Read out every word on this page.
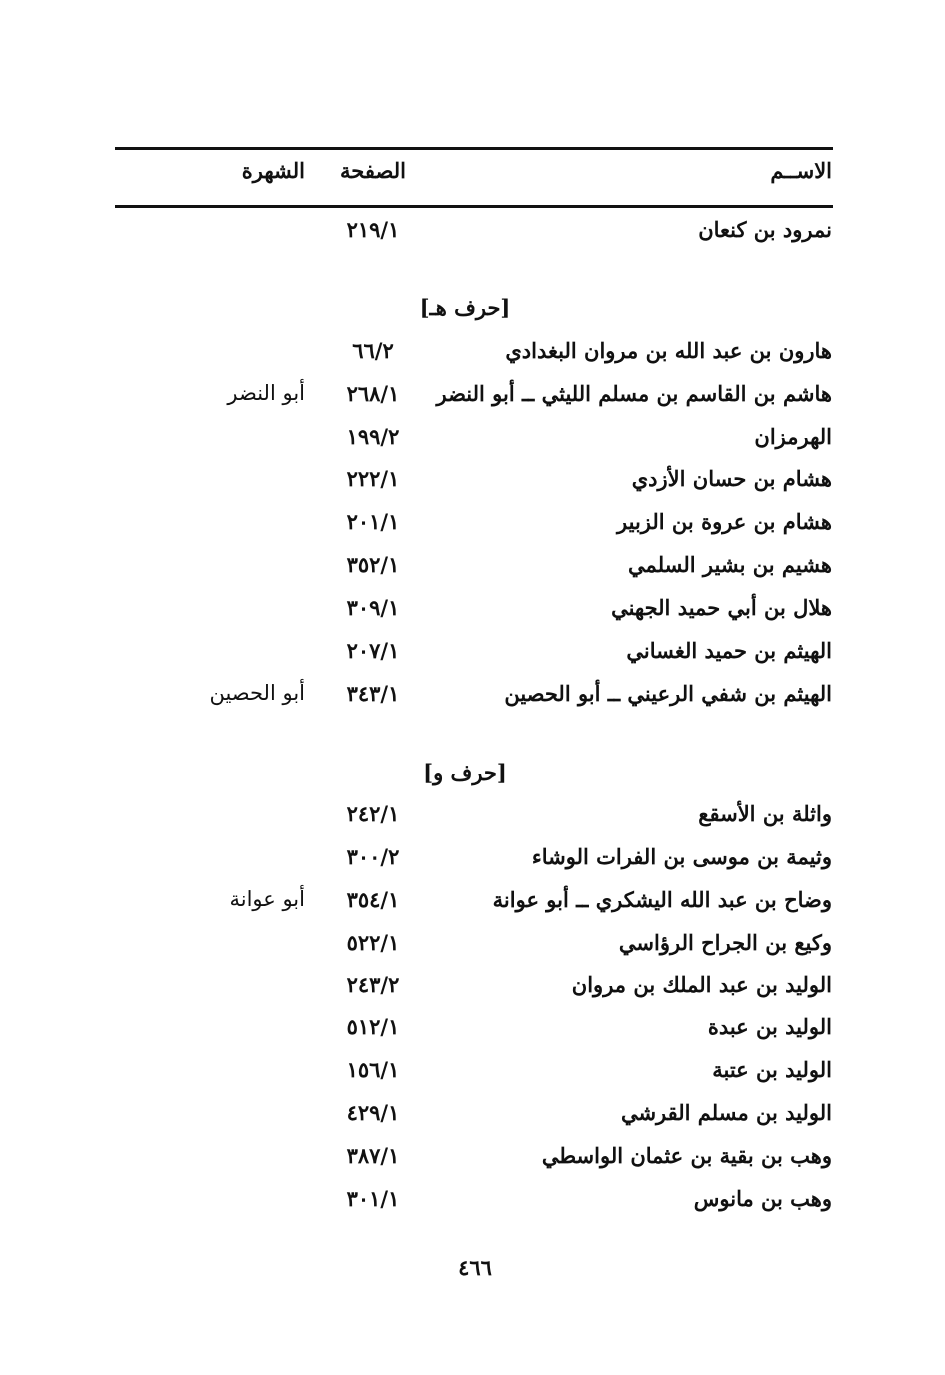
الاســم
الصفحة
الشهرة
نمرود بن كنعان
٢١٩/١
[حرف هـ]
هارون بن عبد الله بن مروان البغدادي
٦٦/٢
هاشم بن القاسم بن مسلم الليثي ــ أبو النضر
٢٦٨/١
أبو النضر
الهرمزان
١٩٩/٢
هشام بن حسان الأزدي
٢٢٢/١
هشام بن عروة بن الزبير
٢٠١/١
هشيم بن بشير السلمي
٣٥٢/١
هلال بن أبي حميد الجهني
٣٠٩/١
الهيثم بن حميد الغساني
٢٠٧/١
الهيثم بن شفي الرعيني ــ أبو الحصين
٣٤٣/١
أبو الحصين
[حرف و]
واثلة بن الأسقع
٢٤٢/١
وثيمة بن موسى بن الفرات الوشاء
٣٠٠/٢
وضاح بن عبد الله اليشكري ــ أبو عوانة
٣٥٤/١
أبو عوانة
وكيع بن الجراح الرؤاسي
٥٢٢/١
الوليد بن عبد الملك بن مروان
٢٤٣/٢
الوليد بن عبدة
٥١٢/١
الوليد بن عتبة
١٥٦/١
الوليد بن مسلم القرشي
٤٢٩/١
وهب بن بقية بن عثمان الواسطي
٣٨٧/١
وهب بن مانوس
٣٠١/١
٤٦٦
